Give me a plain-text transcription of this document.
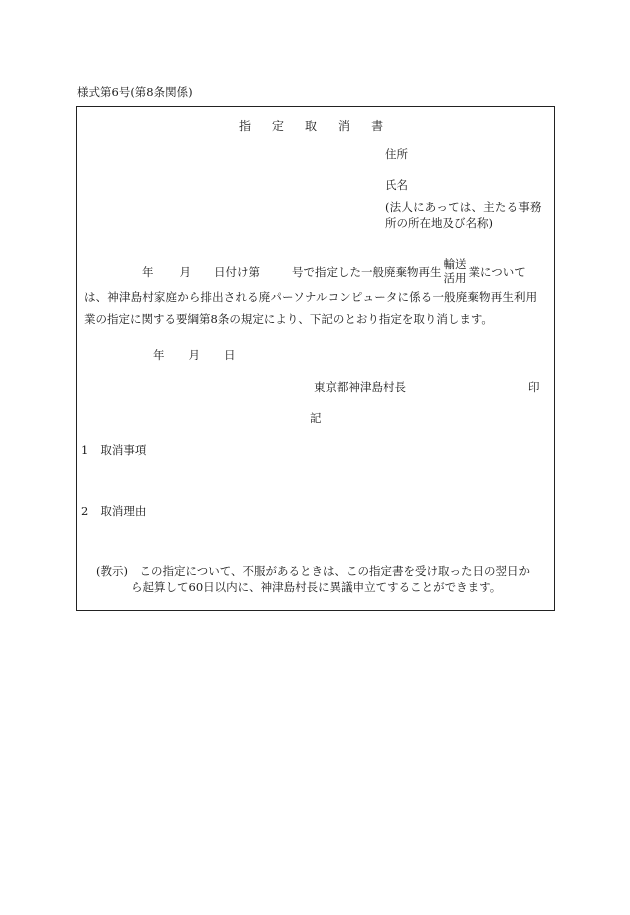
様式第6号(第8条関係)
指 定 取 消 書
住所
氏名
(法人にあっては、主たる事務
所の所在地及び名称)
年 月 日付け第	号で指定した一般廃棄物再生
輸送
活用 業について
は、神津島村家庭から排出される廃パーソナルコンピュータに係る一般廃棄物再生利用
業の指定に関する要綱第8条の規定により、下記のとおり指定を取り消します。
年 月 日
東京都神津島村長	印
記
1 取消事項
2 取消理由
(教示)　この指定について、不服があるときは、この指定書を受け取った日の翌日か
ら起算して60日以内に、神津島村長に異議申立てすることができます。
